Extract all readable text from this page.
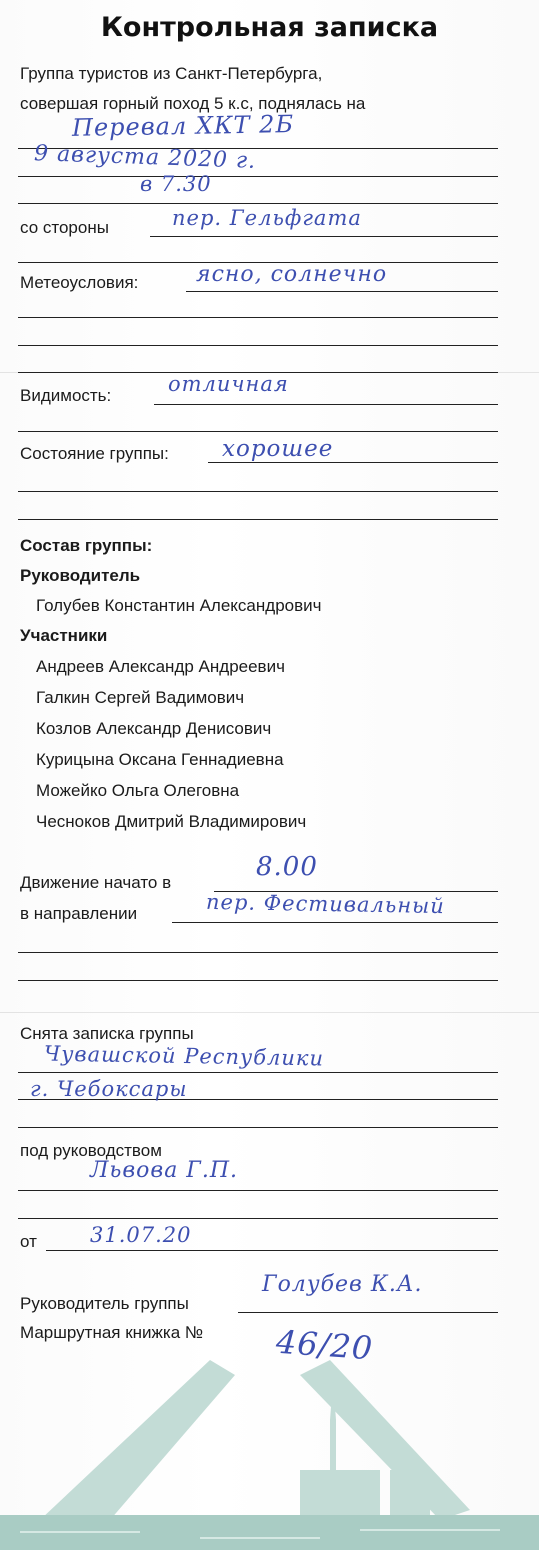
Контрольная записка
Группа туристов из Санкт-Петербурга,
совершая горный поход 5 к.с, поднялась на
Перевал ХКТ 2Б
9 августа 2020 г.
в 7.30
со стороны	пер. Гельфгата
Метеоусловия:	ясно, солнечно
Видимость:	отличная
Состояние группы: хорошее
Состав группы:
Руководитель
Голубев Константин Александрович
Участники
Андреев Александр Андреевич
Галкин Сергей Вадимович
Козлов Александр Денисович
Курицына Оксана Геннадиевна
Можейко Ольга Олеговна
Чесноков Дмитрий Владимирович
Движение начато в
8.00
в направлении	пер. Фестивальный
Снята записка группы
Чувашской Республики
г. Чебоксары
под руководством
Львова Г.П.
от	31.07.20
Руководитель группы
Голубев К.А.
Маршрутная книжка № 46/20
